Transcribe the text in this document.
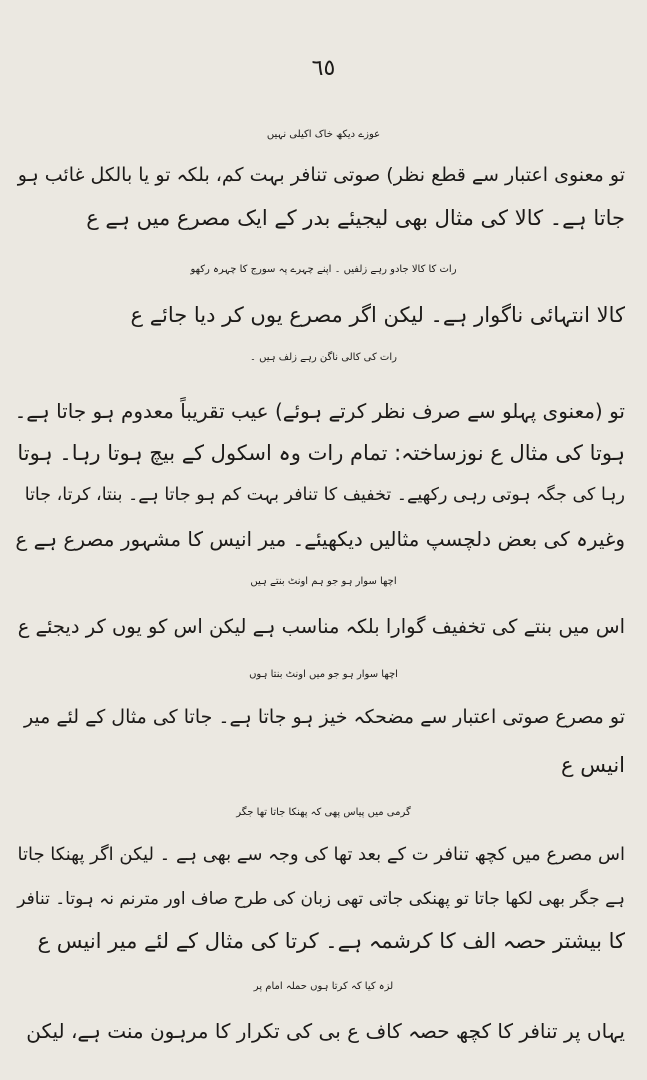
٦٥
عوزے دیکھ خاک اکیلی نہیں
تو معنوی اعتبار سے قطع نظر) صوتی تنافر بہت کم، بلکہ تو یا بالکل غائب ہو
جاتا ہے۔ کالا کی مثال بھی لیجیئے بدر کے ایک مصرع میں ہے ع
رات کا کالا جادو رہے زلفیں ۔ اپنے چہرے پہ سورج کا چہرہ رکھو
کالا انتہائی ناگوار ہے۔ لیکن اگر مصرع یوں کر دیا جائے ع
رات کی کالی ناگن رہے زلف ہیں ۔
تو (معنوی پہلو سے صرف نظر کرتے ہوئے) عیب تقریباً معدوم ہو جاتا ہے۔
ہوتا کی مثال ع نوزساختہ: تمام رات وہ اسکول کے بیچ ہوتا رہا۔ ہوتا
رہا کی جگہ ہوتی رہی رکھیے۔ تخفیف کا تنافر بہت کم ہو جاتا ہے۔ بنتا، کرتا، جاتا
وغیرہ کی بعض دلچسپ مثالیں دیکھیئے۔ میر انیس کا مشہور مصرع ہے ع
اچھا سوار ہو جو ہم اونٹ بنتے ہیں
اس میں بنتے کی تخفیف گوارا بلکہ مناسب ہے لیکن اس کو یوں کر دیجئے ع
اچھا سوار ہو جو میں اونٹ بنتا ہوں
تو مصرع صوتی اعتبار سے مضحکہ خیز ہو جاتا ہے۔ جاتا کی مثال کے لئے میر
انیس ع
گرمی میں پیاس پھی کہ پھنکا جاتا تھا جگر
اس مصرع میں کچھ تنافر ت کے بعد تھا کی وجہ سے بھی ہے ۔ لیکن اگر پھنکا جاتا
ہے جگر بھی لکھا جاتا تو پھنکی جاتی تھی زبان کی طرح صاف اور مترنم نہ ہوتا۔ تنافر
کا بیشتر حصہ الف کا کرشمہ ہے۔ کرتا کی مثال کے لئے میر انیس ع
لزہ کیا کہ کرتا ہوں حملہ امام پر
یہاں پر تنافر کا کچھ حصہ کاف ع بی کی تکرار کا مرہون منت ہے، لیکن
